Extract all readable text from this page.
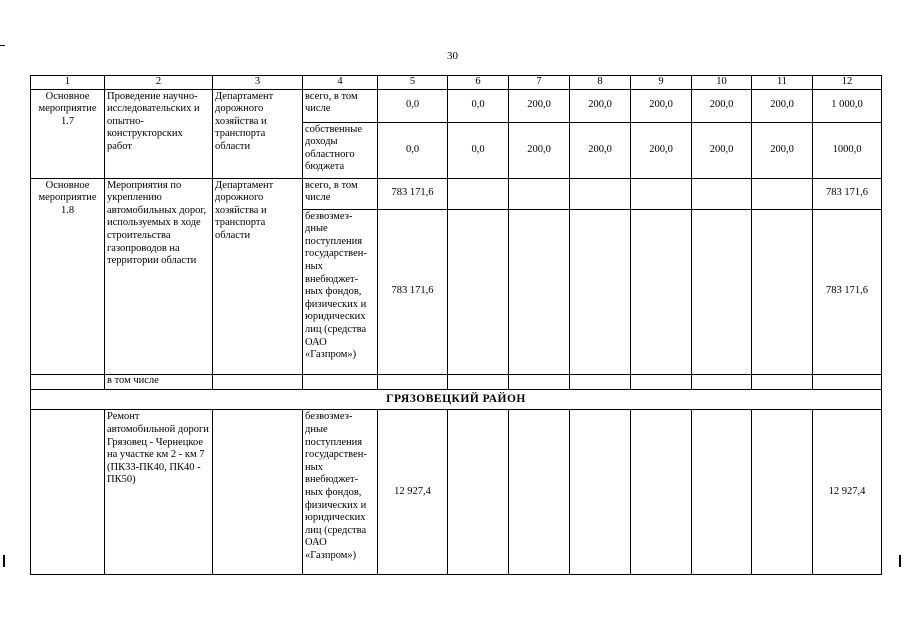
30
1	2	3	4	5	6	7	8	9	10	11	12
Основное мероприятие 1.7	Проведение научно-исследовательских и опытно-конструкторских работ	Департамент дорожного хозяйства и транспорта области	всего, в том числе	0,0	0,0	200,0	200,0	200,0	200,0	200,0	1 000,0
			собственные доходы областного бюджета	0,0	0,0	200,0	200,0	200,0	200,0	200,0	1000,0
Основное мероприятие 1.8	Мероприятия по укреплению автомобильных дорог, используемых в ходе строительства газопроводов на территории области	Департамент дорожного хозяйства и транспорта области	всего, в том числе	783 171,6							783 171,6
			безвозмез-дные поступления государствен-ных внебюджет-ных фондов, физических и юридических лиц (средства ОАО «Газпром»)	783 171,6							783 171,6
	в том числе										
ГРЯЗОВЕЦКИЙ РАЙОН											
	Ремонт автомобильной дороги Грязовец - Чернецкое на участке км 2 - км 7 (ПК33-ПК40, ПК40 - ПК50)		безвозмез-дные поступления государствен-ных внебюджет-ных фондов, физических и юридических лиц (средства ОАО «Газпром»)	12 927,4							12 927,4
